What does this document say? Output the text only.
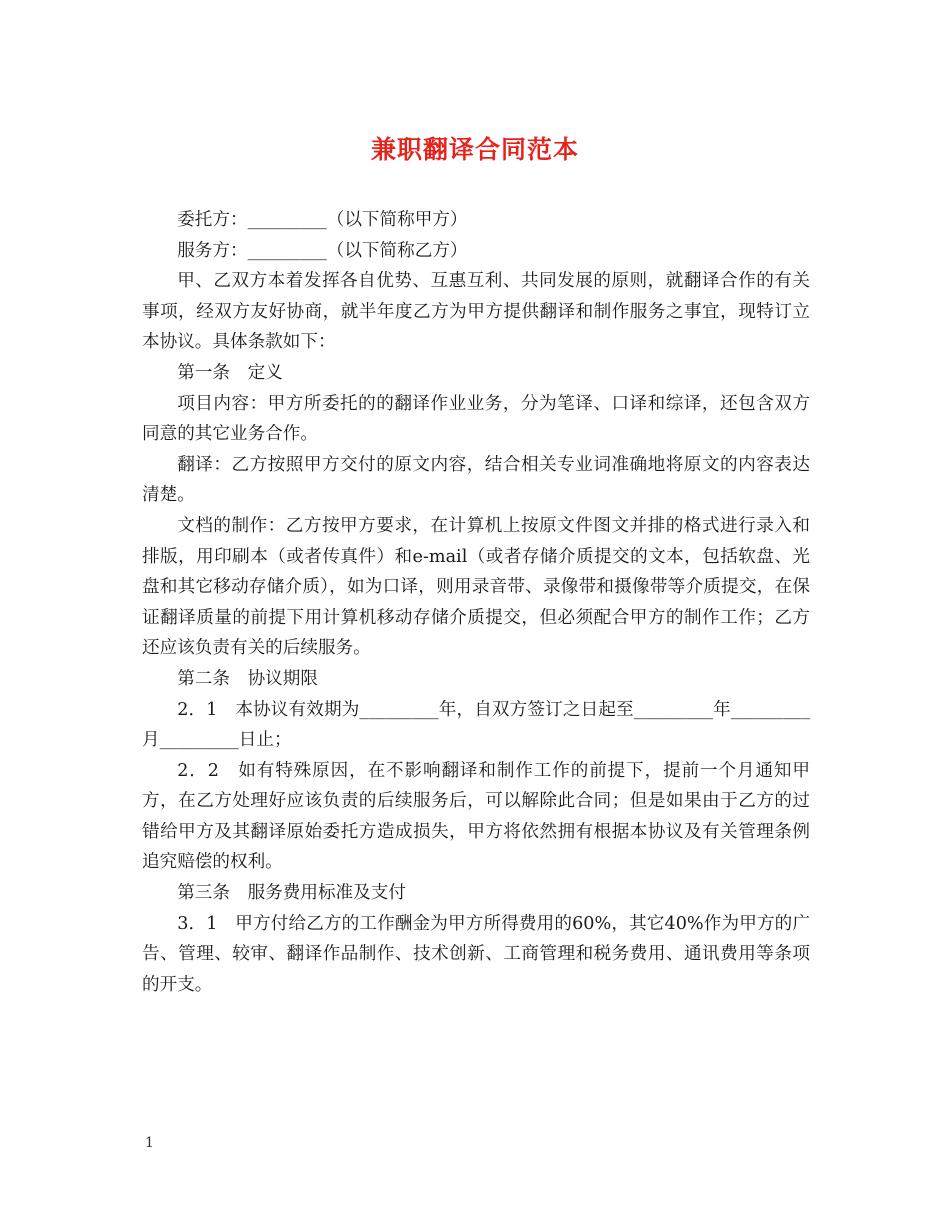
兼职翻译合同范本

委托方：_________（以下简称甲方）

服务方：_________（以下简称乙方）

甲、乙双方本着发挥各自优势、互惠互利、共同发展的原则，就翻译合作的有关事项，经双方友好协商，就半年度乙方为甲方提供翻译和制作服务之事宜，现特订立本协议。具体条款如下：

第一条　定义

项目内容：甲方所委托的的翻译作业业务，分为笔译、口译和综译，还包含双方同意的其它业务合作。

翻译：乙方按照甲方交付的原文内容，结合相关专业词准确地将原文的内容表达清楚。

文档的制作：乙方按甲方要求，在计算机上按原文件图文并排的格式进行录入和排版，用印刷本（或者传真件）和e-mail（或者存储介质提交的文本，包括软盘、光盘和其它移动存储介质），如为口译，则用录音带、录像带和摄像带等介质提交，在保证翻译质量的前提下用计算机移动存储介质提交，但必须配合甲方的制作工作；乙方还应该负责有关的后续服务。

第二条　协议期限

2．1　本协议有效期为_________年，自双方签订之日起至_________年_________月_________日止；

2．2　如有特殊原因，在不影响翻译和制作工作的前提下，提前一个月通知甲方，在乙方处理好应该负责的后续服务后，可以解除此合同；但是如果由于乙方的过错给甲方及其翻译原始委托方造成损失，甲方将依然拥有根据本协议及有关管理条例追究赔偿的权利。

第三条　服务费用标准及支付

3．1　甲方付给乙方的工作酬金为甲方所得费用的60%，其它40%作为甲方的广告、管理、较审、翻译作品制作、技术创新、工商管理和税务费用、通讯费用等条项的开支。

1
